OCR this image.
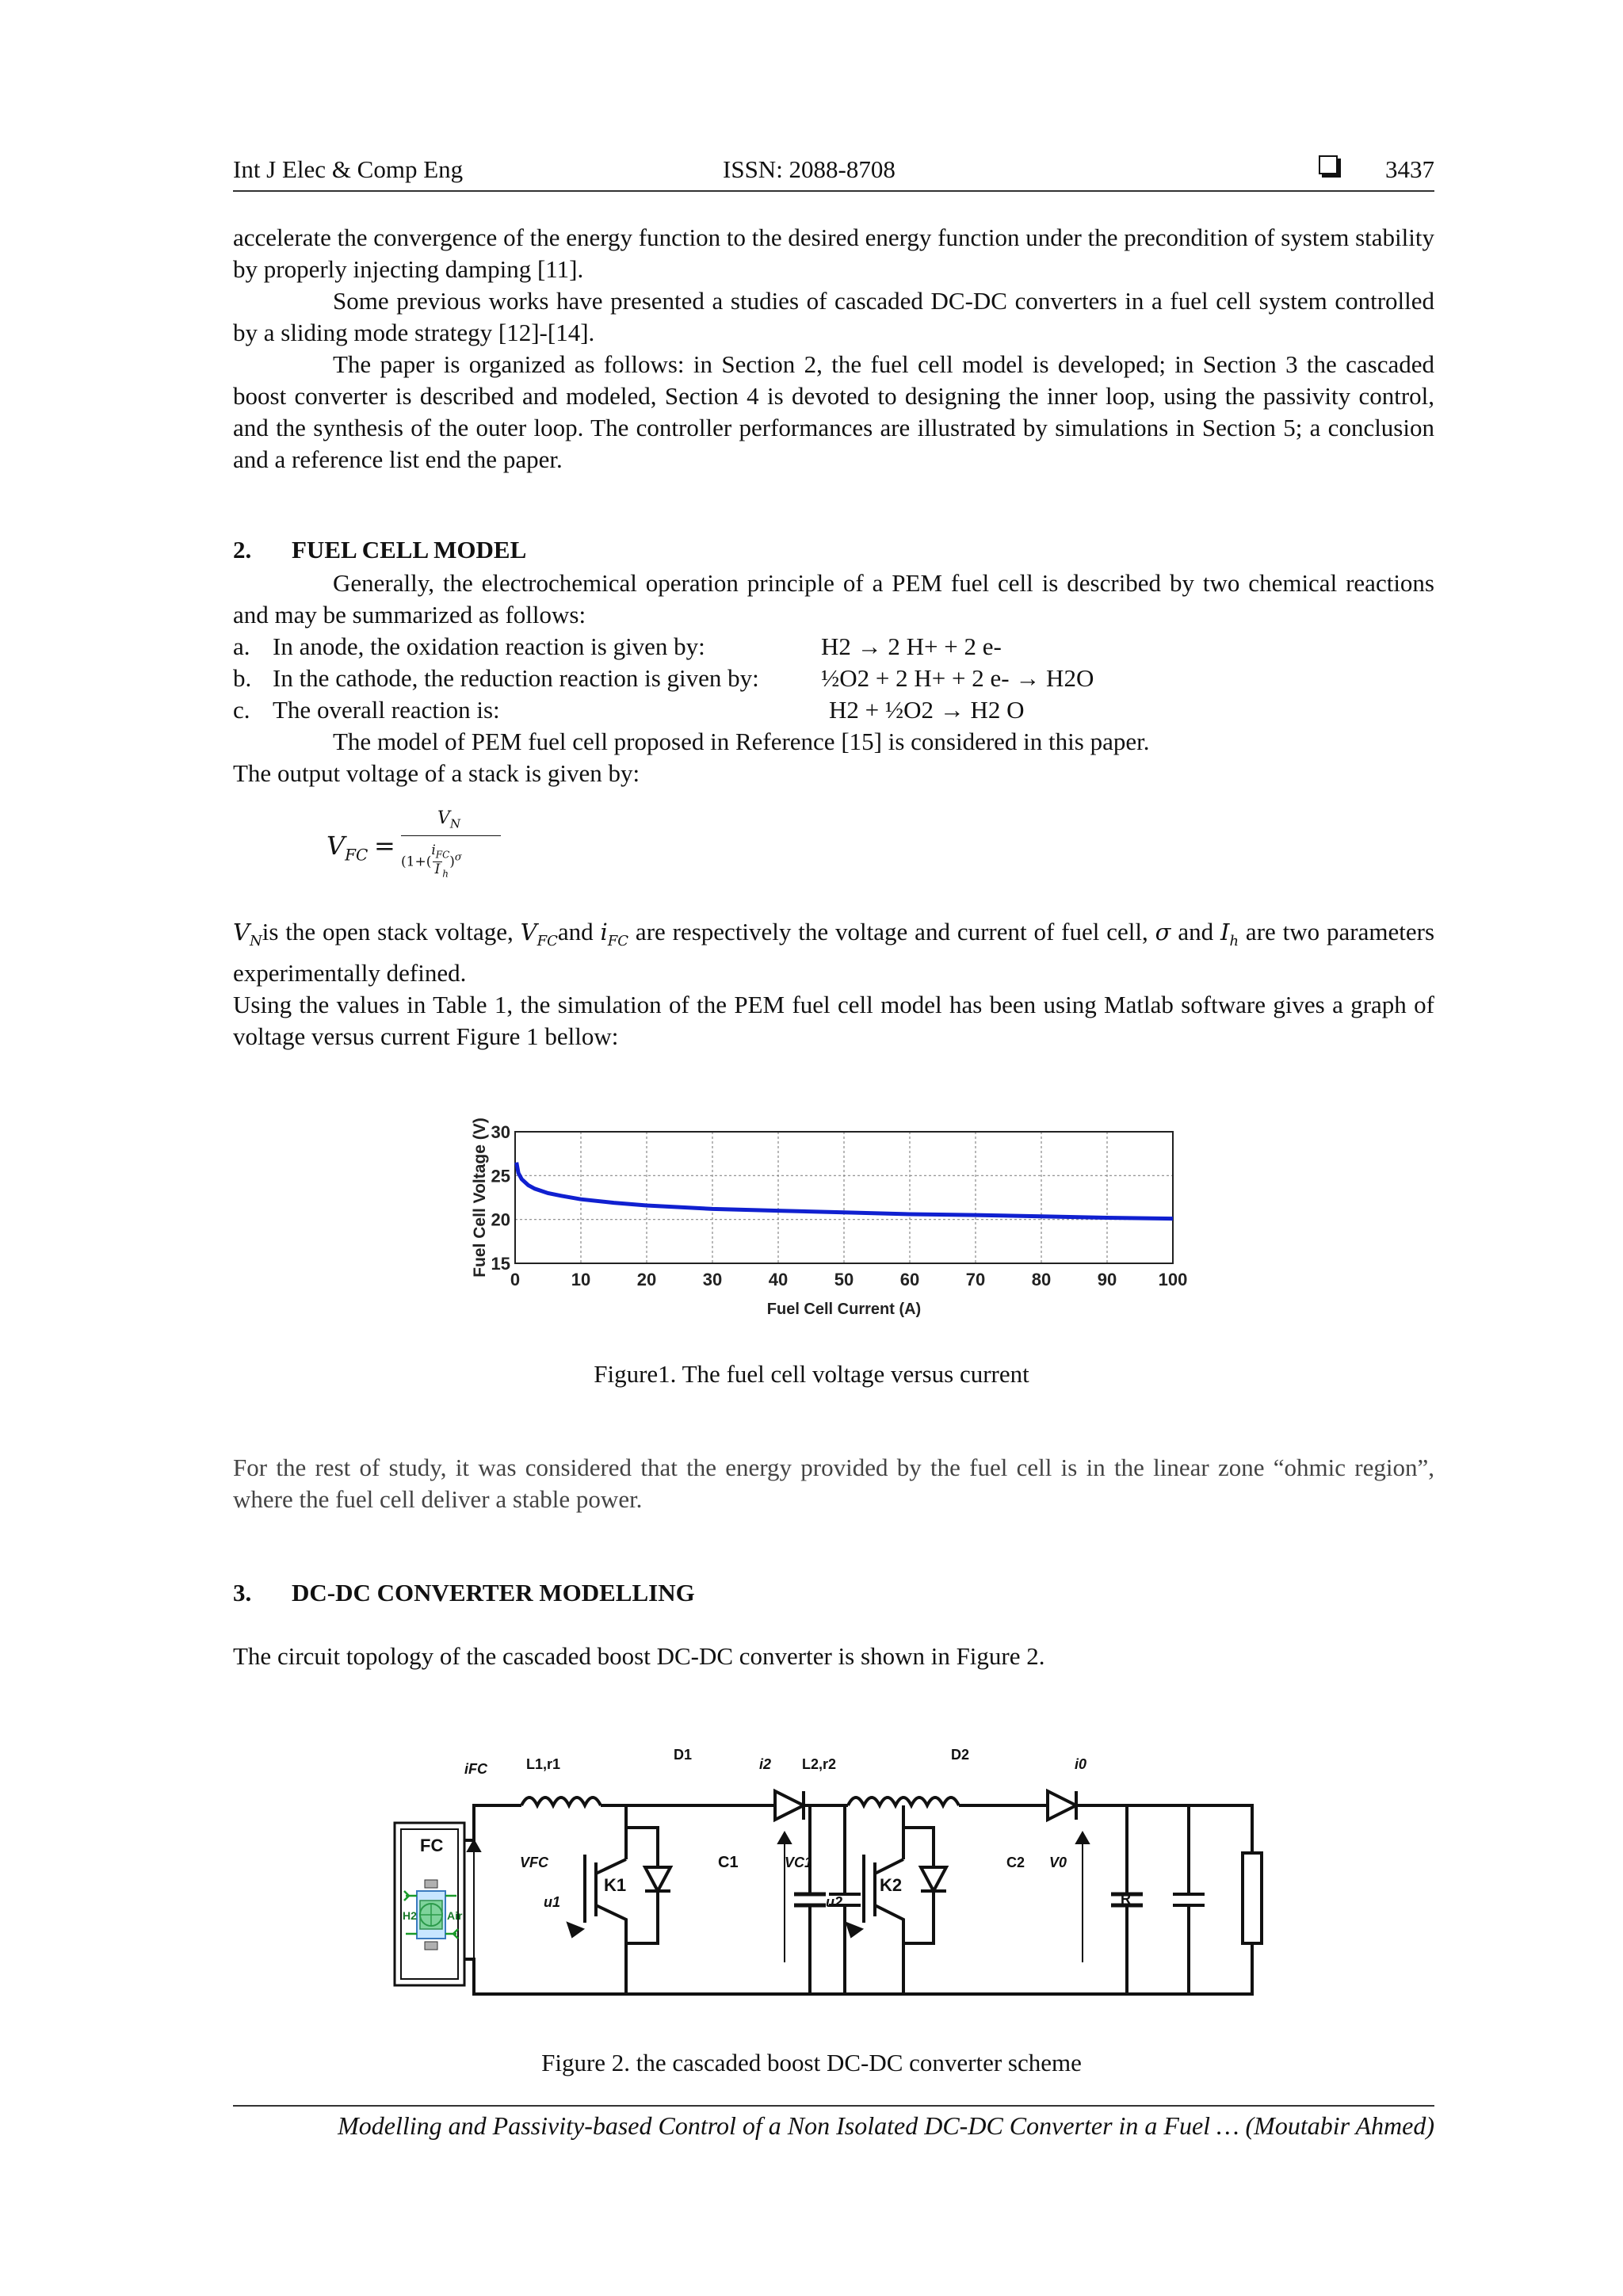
Int J Elec & Comp Eng	ISSN: 2088-8708	3437

accelerate the convergence of the energy function to the desired energy function under the precondition of system stability by properly injecting damping [11].

Some previous works have presented a studies of cascaded DC-DC converters in a fuel cell system controlled by a sliding mode strategy [12]-[14].

The paper is organized as follows: in Section 2, the fuel cell model is developed; in Section 3 the cascaded boost converter is described and modeled, Section 4 is devoted to designing the inner loop, using the passivity control, and the synthesis of the outer loop. The controller performances are illustrated by simulations in Section 5; a conclusion and a reference list end the paper.

2. FUEL CELL MODEL

Generally, the electrochemical operation principle of a PEM fuel cell is described by two chemical reactions and may be summarized as follows:

a. In anode, the oxidation reaction is given by:	H2 → 2 H+ + 2 e-
b. In the cathode, the reduction reaction is given by:	½O2 + 2 H+ + 2 e- → H2O
c. The overall reaction is:	H2 + ½O2 → H2 O

The model of PEM fuel cell proposed in Reference [15] is considered in this paper.

The output voltage of a stack is given by:

$V_{FC}$ =
$V_N$
($1+(i_{FC}$
I $_h$)$^\sigma$

$V_Nis$ the open stack voltage, $V_{FC}and$ $i_{FC}$ are respectively the voltage and current of fuel cell, σ and $I_h$ are two parameters experimentally defined.

Using the values in Table 1, the simulation of the PEM fuel cell model has been using Matlab software gives a graph of voltage versus current Figure 1 bellow:

0	10	20	30	40	50	60	70	80	90 100
15
20
25
30
Fuel Cell Current (A)
Fuel Cell Voltage (V)
Figure1. The fuel cell voltage versus current

For the rest of study, it was considered that the energy provided by the fuel cell is in the linear zone “ohmic region”, where the fuel cell deliver a stable power.

3. DC-DC CONVERTER MODELLING

The circuit topology of the cascaded boost DC-DC converter is shown in Figure 2.

FC
H2	Air
iFC	L1,r1
D1
i2 L2,r2
D2
i0
VFC
u1
K1
C1	VC1
u2
K2
C2 V0
R
Figure 2. the cascaded boost DC-DC converter scheme
Modelling and Passivity-based Control of a Non Isolated DC-DC Converter in a Fuel … (Moutabir Ahmed)
